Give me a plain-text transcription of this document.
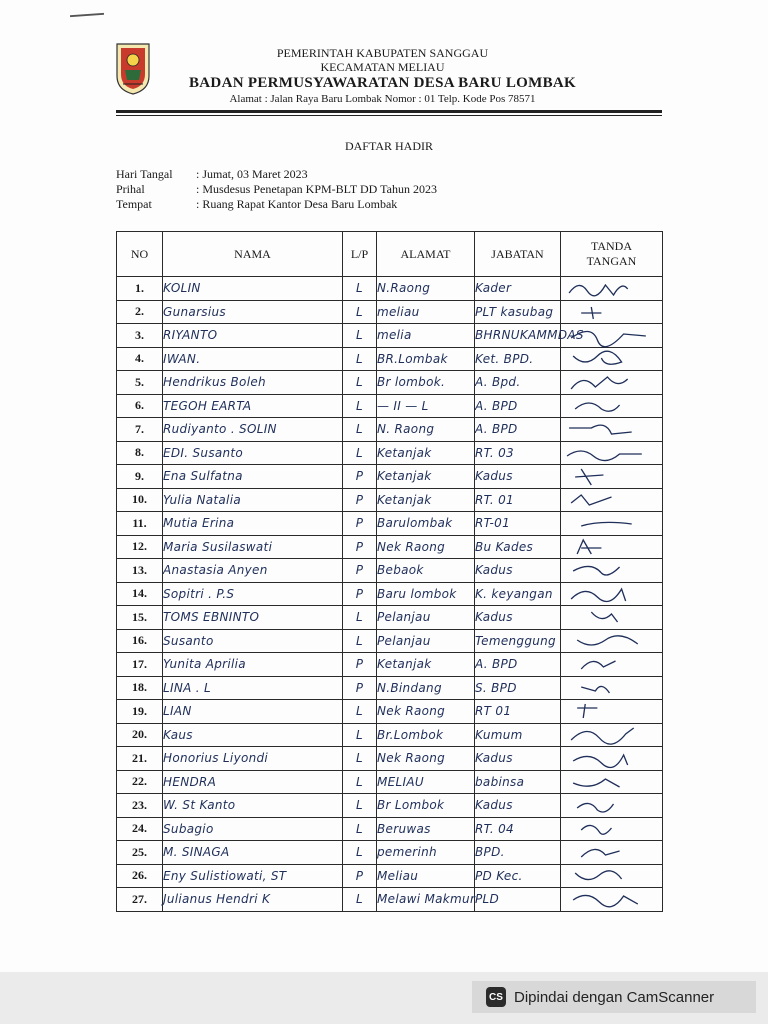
PEMERINTAH KABUPATEN SANGGAU
KECAMATAN MELIAU
BADAN PERMUSYAWARATAN DESA BARU LOMBAK
Alamat : Jalan Raya Baru Lombak Nomor : 01 Telp. Kode Pos 78571
DAFTAR HADIR
Hari Tangal	: Jumat, 03 Maret 2023
Prihal	: Musdesus Penetapan KPM-BLT DD Tahun 2023
Tempat	: Ruang Rapat Kantor Desa Baru Lombak
NO	NAMA	L/P	ALAMAT	JABATAN	TANDA
TANGAN

1.	KOLIN	L	N.Raong	Kader	

2.	Gunarsius	L	meliau	PLT kasubag	

3.	RIYANTO	L	melia	BHRNUKAMMDAS	

4.	IWAN.	L	BR.Lombak	Ket. BPD.	

5.	Hendrikus Boleh	L	Br lombok.	A. Bpd.	

6.	TEGOH EARTA	L	— II — L	A. BPD	

7.	Rudiyanto . SOLIN	L	N. Raong	A. BPD	

8.	EDI. Susanto	L	Ketanjak	RT. 03	

9.	Ena Sulfatna	P	Ketanjak	Kadus	

10.	Yulia Natalia	P	Ketanjak	RT. 01	

11.	Mutia Erina	P	Barulombak	RT-01	

12.	Maria Susilaswati	P	Nek Raong	Bu Kades	

13.	Anastasia Anyen	P	Bebaok	Kadus	

14.	Sopitri . P.S	P	Baru lombok	K. keyangan	

15.	TOMS EBNINTO	L	Pelanjau	Kadus	

16.	Susanto	L	Pelanjau	Temenggung	

17.	Yunita Aprilia	P	Ketanjak	A. BPD	

18.	LINA . L	P	N.Bindang	S. BPD	

19.	LIAN	L	Nek Raong	RT 01	

20.	Kaus	L	Br.Lombok	Kumum	

21.	Honorius Liyondi	L	Nek Raong	Kadus	

22.	HENDRA	L	MELIAU	babinsa	

23.	W. St Kanto	L	Br Lombok	Kadus	

24.	Subagio	L	Beruwas	RT. 04	

25.	M. SINAGA	L	pemerinh	BPD.	

26.	Eny Sulistiowati, ST	P	Meliau	PD Kec.	

27.	Julianus Hendri K	L	Melawi Makmur	PLD	
CS Dipindai dengan CamScanner
